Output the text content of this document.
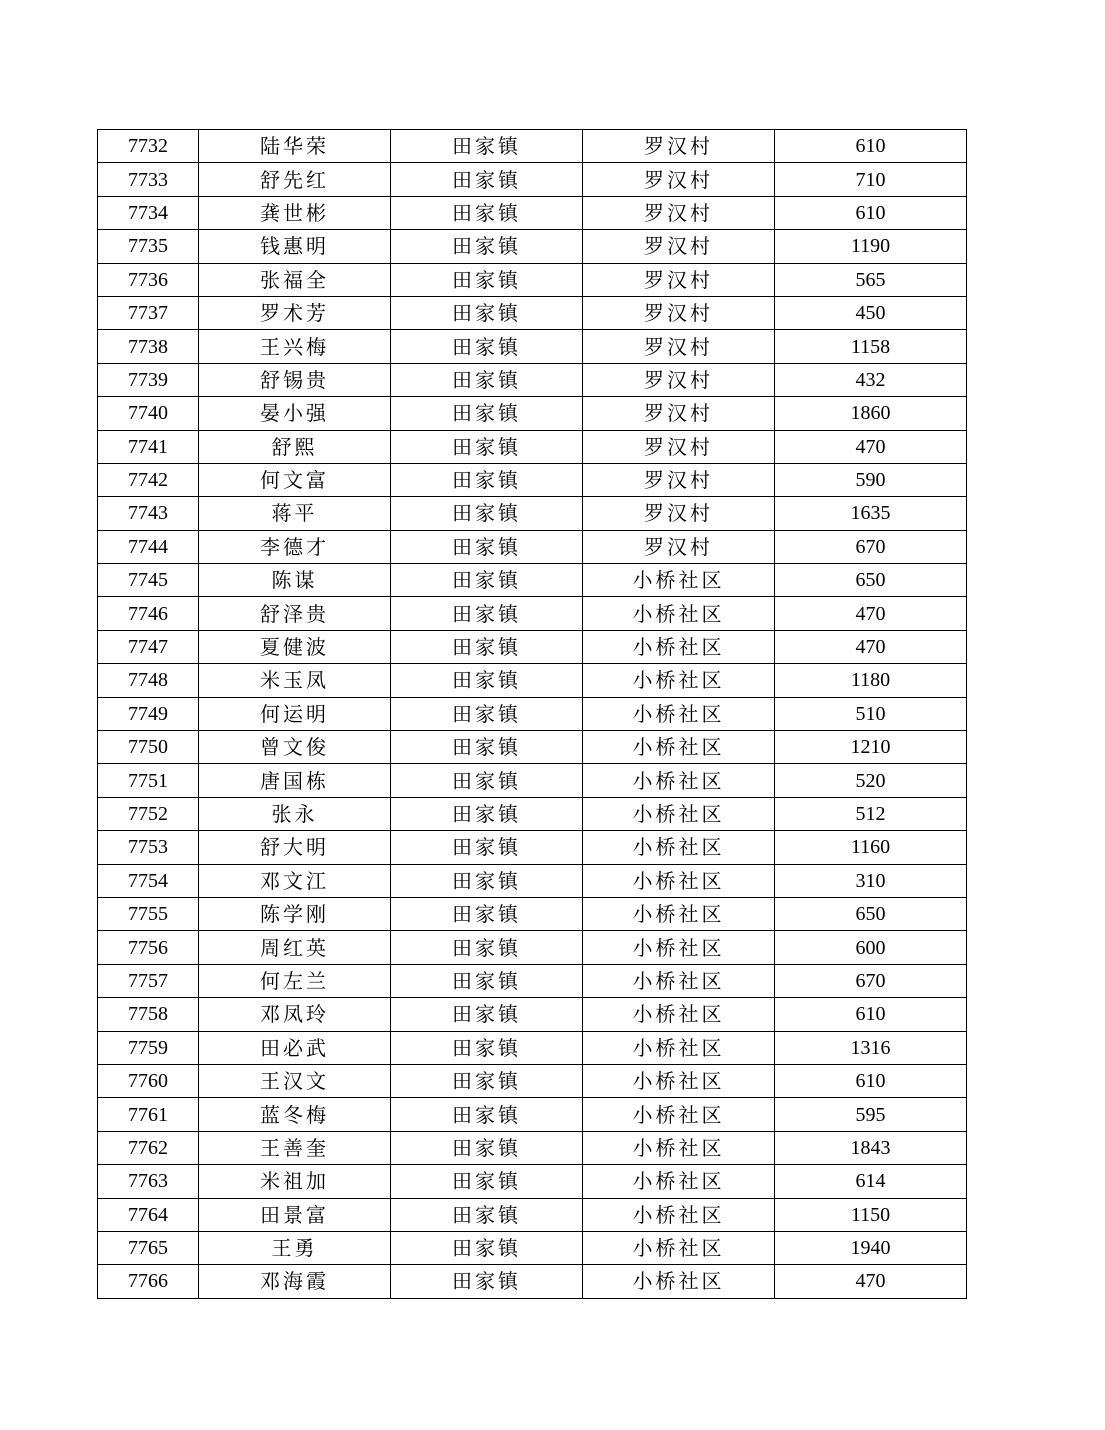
7732	陆华荣	田家镇	罗汉村	610
7733	舒先红	田家镇	罗汉村	710
7734	龚世彬	田家镇	罗汉村	610
7735	钱惠明	田家镇	罗汉村	1190
7736	张福全	田家镇	罗汉村	565
7737	罗术芳	田家镇	罗汉村	450
7738	王兴梅	田家镇	罗汉村	1158
7739	舒锡贵	田家镇	罗汉村	432
7740	晏小强	田家镇	罗汉村	1860
7741	舒熙	田家镇	罗汉村	470
7742	何文富	田家镇	罗汉村	590
7743	蒋平	田家镇	罗汉村	1635
7744	李德才	田家镇	罗汉村	670
7745	陈谋	田家镇	小桥社区	650
7746	舒泽贵	田家镇	小桥社区	470
7747	夏健波	田家镇	小桥社区	470
7748	米玉凤	田家镇	小桥社区	1180
7749	何运明	田家镇	小桥社区	510
7750	曾文俊	田家镇	小桥社区	1210
7751	唐国栋	田家镇	小桥社区	520
7752	张永	田家镇	小桥社区	512
7753	舒大明	田家镇	小桥社区	1160
7754	邓文江	田家镇	小桥社区	310
7755	陈学刚	田家镇	小桥社区	650
7756	周红英	田家镇	小桥社区	600
7757	何左兰	田家镇	小桥社区	670
7758	邓凤玲	田家镇	小桥社区	610
7759	田必武	田家镇	小桥社区	1316
7760	王汉文	田家镇	小桥社区	610
7761	蓝冬梅	田家镇	小桥社区	595
7762	王善奎	田家镇	小桥社区	1843
7763	米祖加	田家镇	小桥社区	614
7764	田景富	田家镇	小桥社区	1150
7765	王勇	田家镇	小桥社区	1940
7766	邓海霞	田家镇	小桥社区	470
